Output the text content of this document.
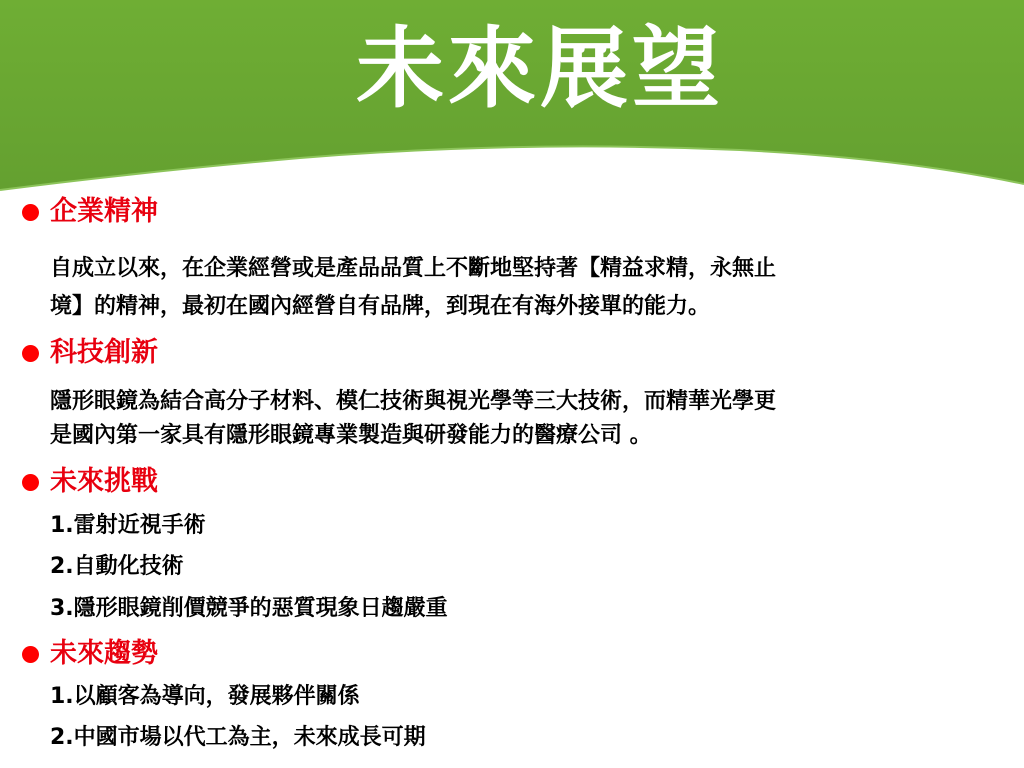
未來展望
企業精神
自成立以來，在企業經營或是產品品質上不斷地堅持著【精益求精，永無止
境】的精神，最初在國內經營自有品牌，到現在有海外接單的能力。
科技創新
隱形眼鏡為結合高分子材料、模仁技術與視光學等三大技術，而精華光學更
是國內第一家具有隱形眼鏡專業製造與研發能力的醫療公司 。
未來挑戰
1.雷射近視手術
2.自動化技術
3.隱形眼鏡削價競爭的惡質現象日趨嚴重
未來趨勢
1.以顧客為導向，發展夥伴關係
2.中國市場以代工為主，未來成長可期
